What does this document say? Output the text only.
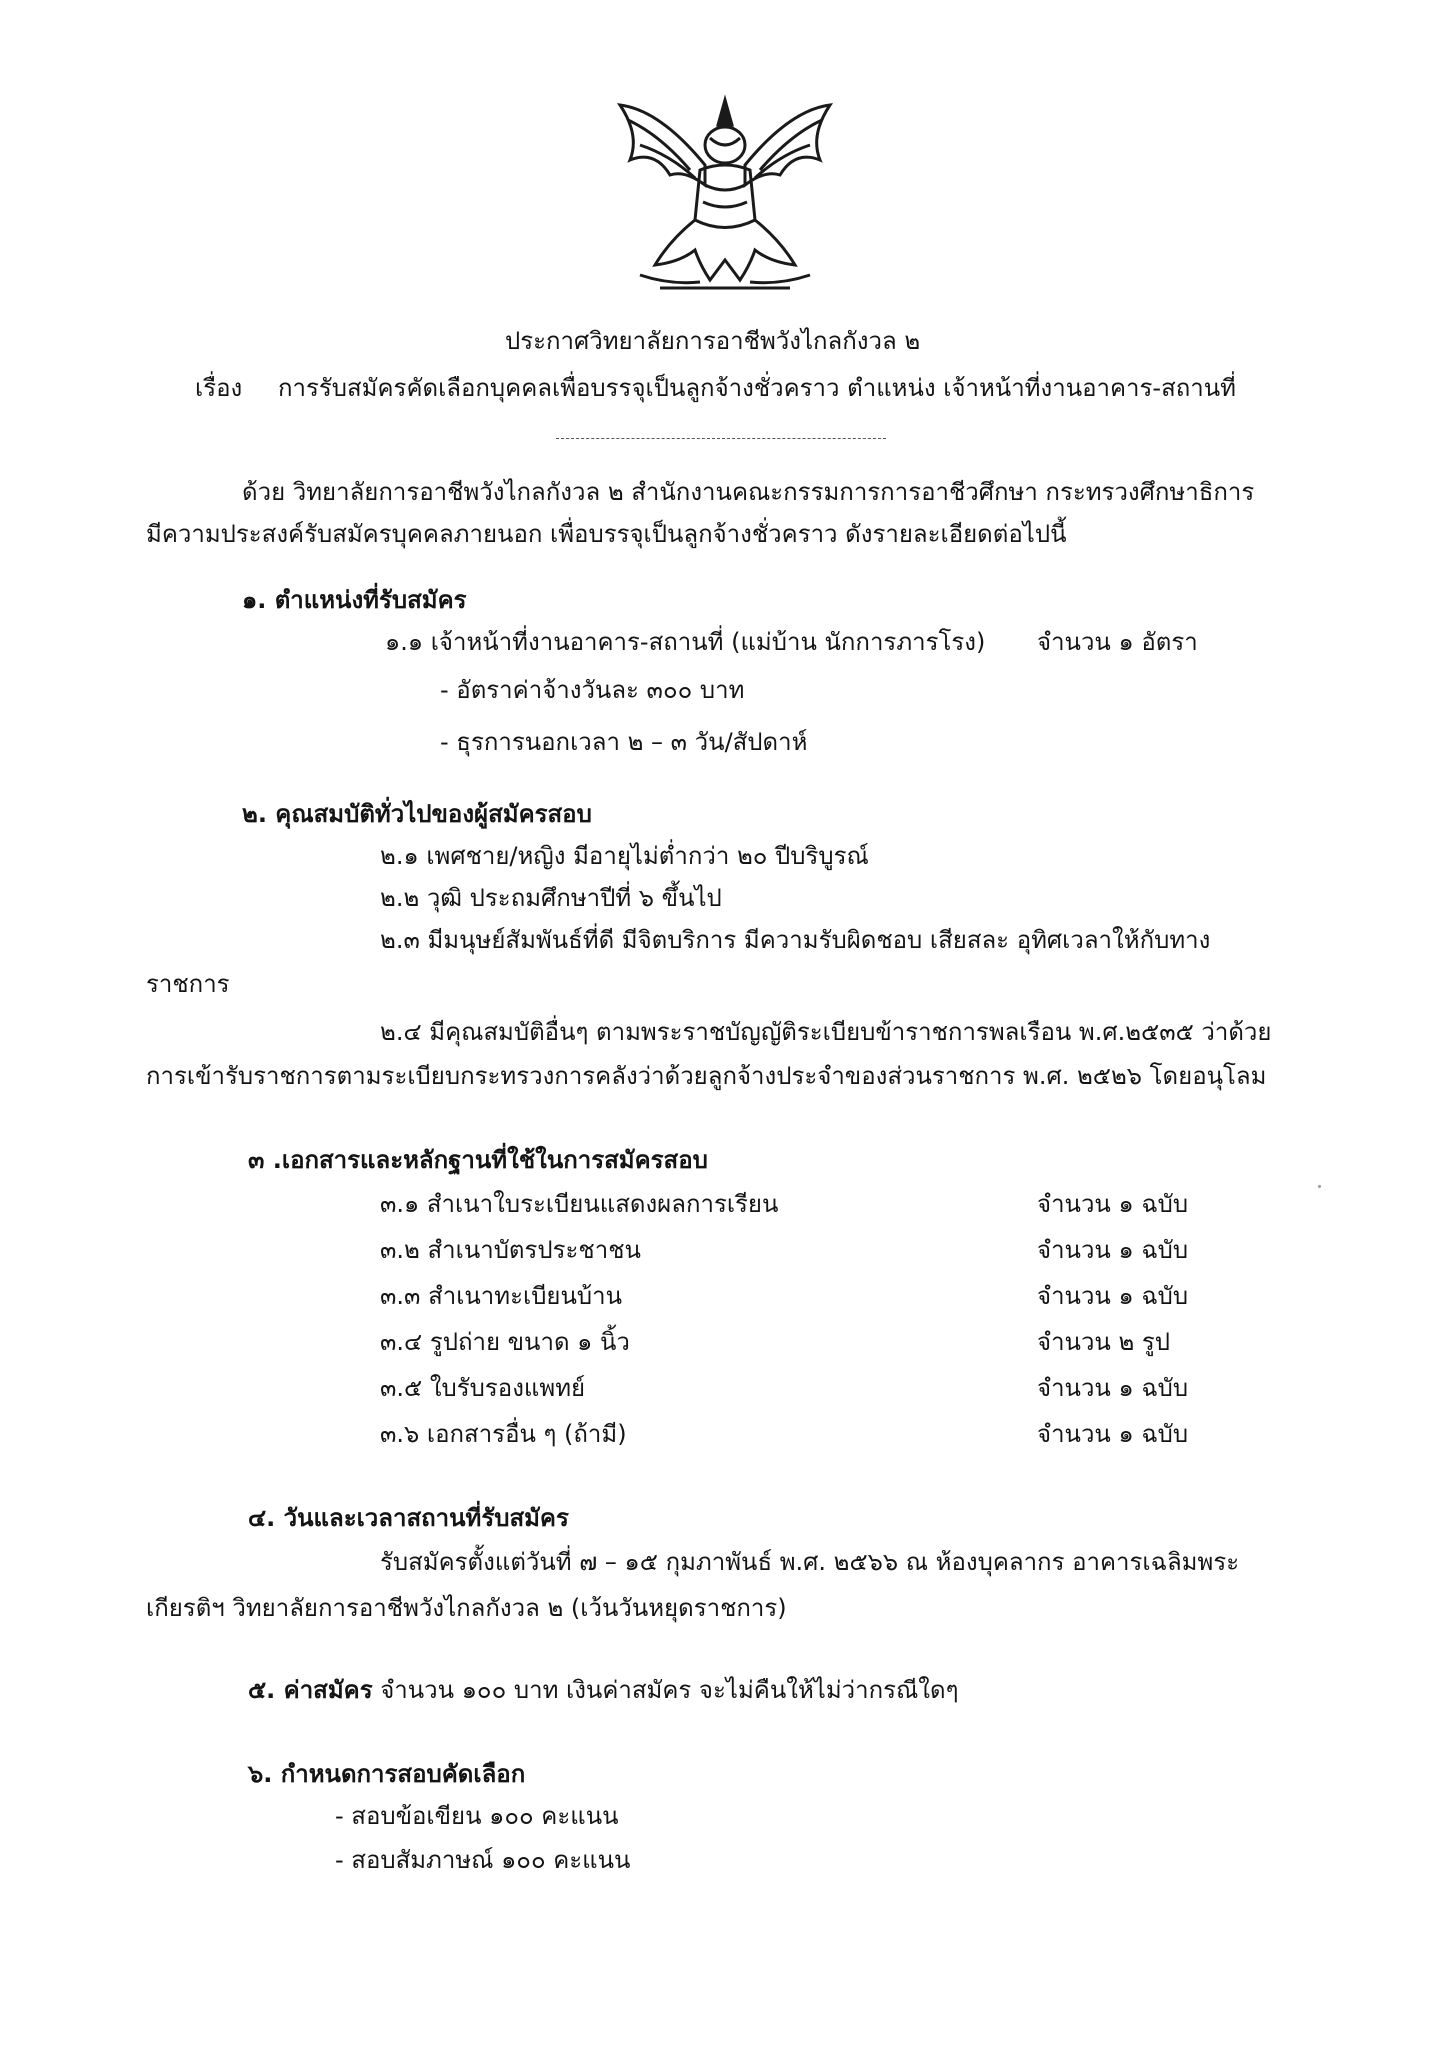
ประกาศวิทยาลัยการอาชีพวังไกลกังวล ๒
เรื่อง การรับสมัครคัดเลือกบุคคลเพื่อบรรจุเป็นลูกจ้างชั่วคราว ตำแหน่ง เจ้าหน้าที่งานอาคาร-สถานที่
ด้วย วิทยาลัยการอาชีพวังไกลกังวล ๒ สำนักงานคณะกรรมการการอาชีวศึกษา กระทรวงศึกษาธิการ
มีความประสงค์รับสมัครบุคคลภายนอก เพื่อบรรจุเป็นลูกจ้างชั่วคราว ดังรายละเอียดต่อไปนี้
๑. ตำแหน่งที่รับสมัคร
๑.๑ เจ้าหน้าที่งานอาคาร-สถานที่ (แม่บ้าน นักการภารโรง) จำนวน ๑ อัตรา
- อัตราค่าจ้างวันละ ๓๐๐ บาท
- ธุรการนอกเวลา ๒ – ๓ วัน/สัปดาห์
๒. คุณสมบัติทั่วไปของผู้สมัครสอบ
๒.๑ เพศชาย/หญิง มีอายุไม่ต่ำกว่า ๒๐ ปีบริบูรณ์
๒.๒ วุฒิ ประถมศึกษาปีที่ ๖ ขึ้นไป
๒.๓ มีมนุษย์สัมพันธ์ที่ดี มีจิตบริการ มีความรับผิดชอบ เสียสละ อุทิศเวลาให้กับทาง
ราชการ
๒.๔ มีคุณสมบัติอื่นๆ ตามพระราชบัญญัติระเบียบข้าราชการพลเรือน พ.ศ.๒๕๓๕ ว่าด้วย
การเข้ารับราชการตามระเบียบกระทรวงการคลังว่าด้วยลูกจ้างประจำของส่วนราชการ พ.ศ. ๒๕๒๖ โดยอนุโลม
๓ .เอกสารและหลักฐานที่ใช้ในการสมัครสอบ
๓.๑ สำเนาใบระเบียนแสดงผลการเรียน	จำนวน ๑ ฉบับ
๓.๒ สำเนาบัตรประชาชน	จำนวน ๑ ฉบับ
๓.๓ สำเนาทะเบียนบ้าน	จำนวน ๑ ฉบับ
๓.๔ รูปถ่าย ขนาด ๑ นิ้ว	จำนวน ๒ รูป
๓.๕ ใบรับรองแพทย์	จำนวน ๑ ฉบับ
๓.๖ เอกสารอื่น ๆ (ถ้ามี)	จำนวน ๑ ฉบับ
๔. วันและเวลาสถานที่รับสมัคร
รับสมัครตั้งแต่วันที่ ๗ – ๑๕ กุมภาพันธ์ พ.ศ. ๒๕๖๖ ณ ห้องบุคลากร อาคารเฉลิมพระ
เกียรติฯ วิทยาลัยการอาชีพวังไกลกังวล ๒ (เว้นวันหยุดราชการ)
๕. ค่าสมัคร จำนวน ๑๐๐ บาท เงินค่าสมัคร จะไม่คืนให้ไม่ว่ากรณีใดๆ
๖. กำหนดการสอบคัดเลือก
- สอบข้อเขียน ๑๐๐ คะแนน
- สอบสัมภาษณ์ ๑๐๐ คะแนน
